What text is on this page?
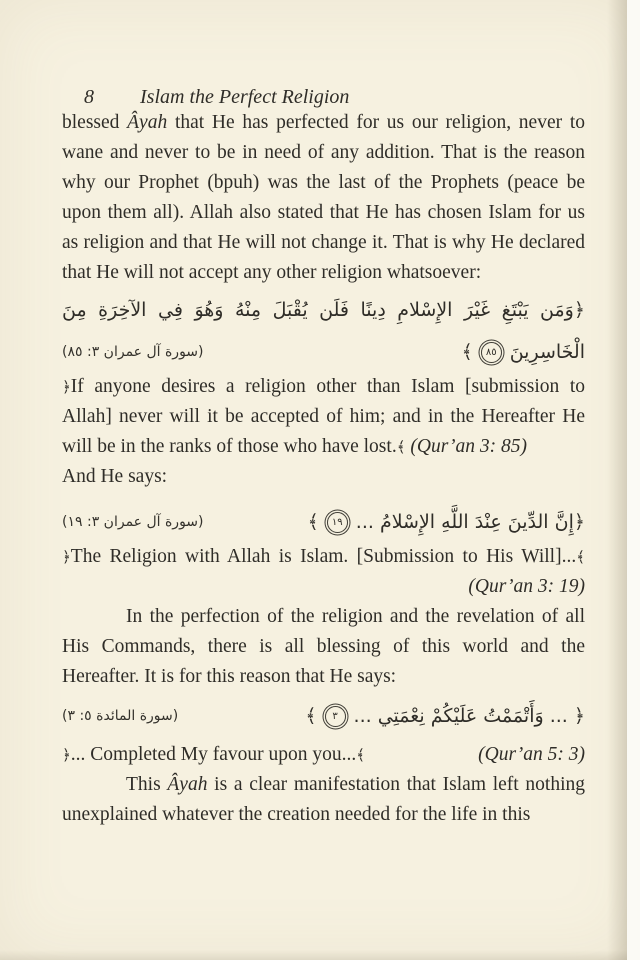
8 Islam the Perfect Religion

blessed Âyah that He has perfected for us our religion, never to wane and never to be in need of any addition. That is the reason why our Prophet (bpuh) was the last of the Prophets (peace be upon them all). Allah also stated that He has chosen Islam for us as religion and that He will not change it. That is why He declared that He will not accept any other religion whatsoever:

﴿وَمَن يَبْتَغِ غَيْرَ الإِسْلامِ دِينًا فَلَن يُقْبَلَ مِنْهُ وَهُوَ فِي الآخِرَةِ مِنَ
(سورة آل عمران ٣: ٨٥)	الْخَاسِرِينَ٨٥﴾

﴿If anyone desires a religion other than Islam [submission to Allah] never will it be accepted of him; and in the Hereafter He will be in the ranks of those who have lost.﴾ (Qur’an 3: 85)

And He says:

(سورة آل عمران ٣: ١٩)	﴿إِنَّ الدِّينَ عِنْدَ اللَّهِ الإِسْلامُ ...١٩﴾

﴿The Religion with Allah is Islam. [Submission to His Will]...﴾

(Qur’an 3: 19)

In the perfection of the religion and the revelation of all His Commands, there is all blessing of this world and the Hereafter. It is for this reason that He says:

(سورة المائدة ٥: ٣)	﴿ ... وَأَتْمَمْتُ عَلَيْكُمْ نِعْمَتِي ...٣﴾
﴿... Completed My favour upon you...﴾	(Qur’an 5: 3)

This Âyah is a clear manifestation that Islam left nothing unexplained whatever the creation needed for the life in this
